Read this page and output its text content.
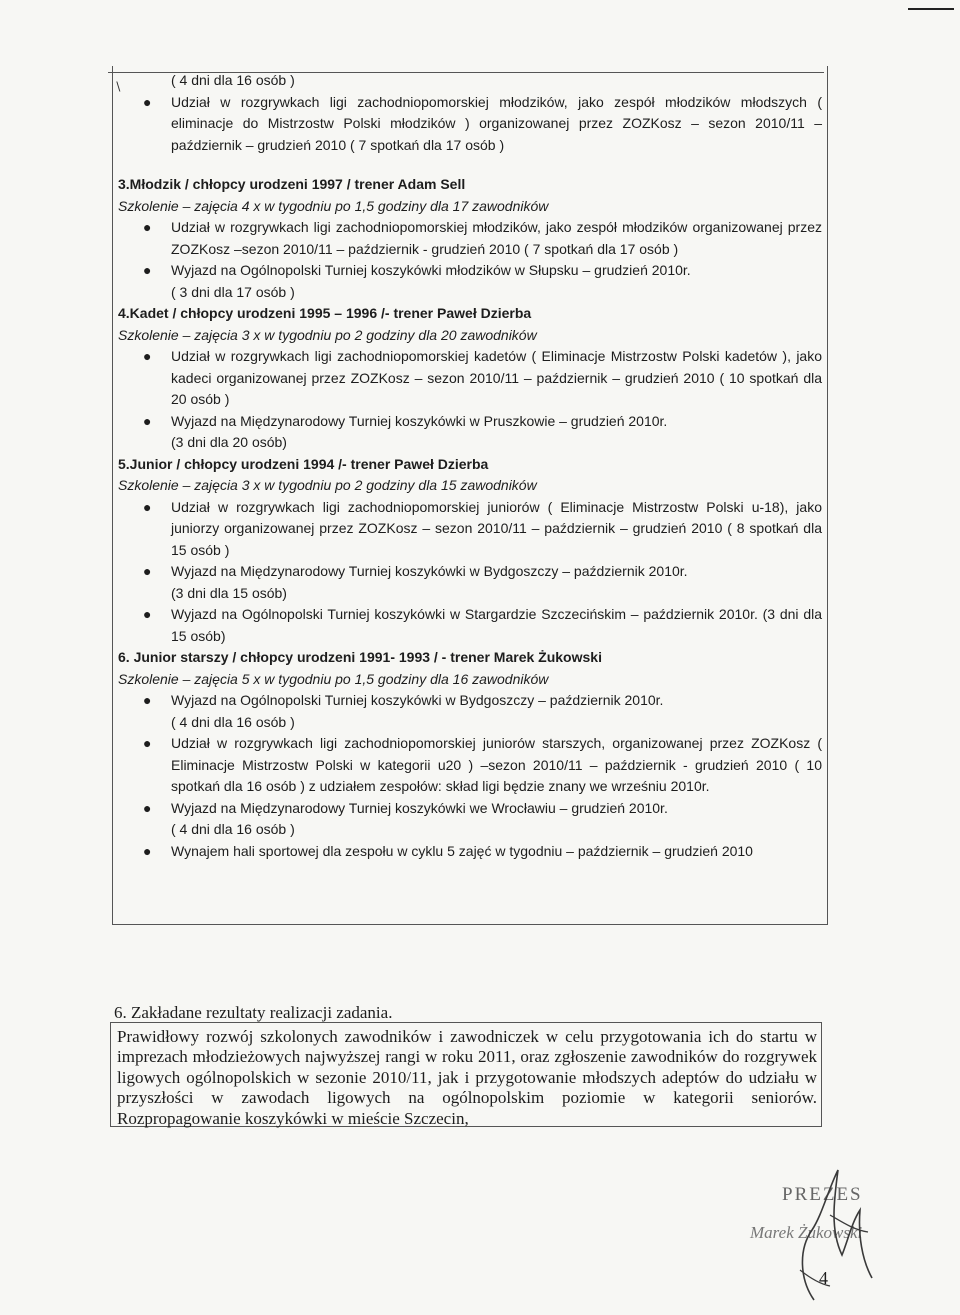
∖	( 4 dni dla 16 osób )

● Udział w rozgrywkach ligi zachodniopomorskiej młodzików, jako zespół młodzików młodszych ( eliminacje do Mistrzostw Polski młodzików ) organizowanej przez ZOZKosz – sezon 2010/11 – październik – grudzień 2010 ( 7 spotkań dla 17 osób )

3.Młodzik / chłopcy urodzeni 1997 / trener Adam Sell

Szkolenie – zajęcia 4 x w tygodniu po 1,5 godziny dla 17 zawodników

● Udział w rozgrywkach ligi zachodniopomorskiej młodzików, jako zespół młodzików organizowanej przez ZOZKosz –sezon 2010/11 – październik - grudzień 2010 ( 7 spotkań dla 17 osób )

● Wyjazd na Ogólnopolski Turniej koszykówki młodzików w Słupsku – grudzień 2010r.

( 3 dni dla 17 osób )

4.Kadet / chłopcy urodzeni 1995 – 1996 /- trener Paweł Dzierba

Szkolenie – zajęcia 3 x w tygodniu po 2 godziny dla 20 zawodników

● Udział w rozgrywkach ligi zachodniopomorskiej kadetów ( Eliminacje Mistrzostw Polski kadetów ), jako kadeci organizowanej przez ZOZKosz – sezon 2010/11 – październik – grudzień 2010 ( 10 spotkań dla 20 osób )

● Wyjazd na Międzynarodowy Turniej koszykówki w Pruszkowie – grudzień 2010r.

(3 dni dla 20 osób)

5.Junior / chłopcy urodzeni 1994 /- trener Paweł Dzierba

Szkolenie – zajęcia 3 x w tygodniu po 2 godziny dla 15 zawodników

● Udział w rozgrywkach ligi zachodniopomorskiej juniorów ( Eliminacje Mistrzostw Polski u-18), jako juniorzy organizowanej przez ZOZKosz – sezon 2010/11 – październik – grudzień 2010 ( 8 spotkań dla 15 osób )

● Wyjazd na Międzynarodowy Turniej koszykówki w Bydgoszczy – październik 2010r.

(3 dni dla 15 osób)

● Wyjazd na Ogólnopolski Turniej koszykówki w Stargardzie Szczecińskim – październik 2010r. (3 dni dla 15 osób)

6. Junior starszy / chłopcy urodzeni 1991- 1993 / - trener Marek Żukowski

Szkolenie – zajęcia 5 x w tygodniu po 1,5 godziny dla 16 zawodników

● Wyjazd na Ogólnopolski Turniej koszykówki w Bydgoszczy – październik 2010r.

( 4 dni dla 16 osób )

● Udział w rozgrywkach ligi zachodniopomorskiej juniorów starszych, organizowanej przez ZOZKosz ( Eliminacje Mistrzostw Polski w kategorii u20 ) –sezon 2010/11 – październik - grudzień 2010 ( 10 spotkań dla 16 osób ) z udziałem zespołów: skład ligi będzie znany we wrześniu 2010r.

● Wyjazd na Międzynarodowy Turniej koszykówki we Wrocławiu – grudzień 2010r.

( 4 dni dla 16 osób )

● Wynajem hali sportowej dla zespołu w cyklu 5 zajęć w tygodniu – październik – grudzień 2010

6. Zakładane rezultaty realizacji zadania.
Prawidłowy rozwój szkolonych zawodników i zawodniczek w celu przygotowania ich do startu w imprezach młodzieżowych najwyższej rangi w roku 2011, oraz zgłoszenie zawodników do rozgrywek ligowych ogólnopolskich w sezonie 2010/11, jak i przygotowanie młodszych adeptów do udziału w przyszłości w zawodach ligowych na ogólnopolskim poziomie w kategorii seniorów. Rozpropagowanie koszykówki w mieście Szczecin,
PREZES
Marek Żukowski
4
